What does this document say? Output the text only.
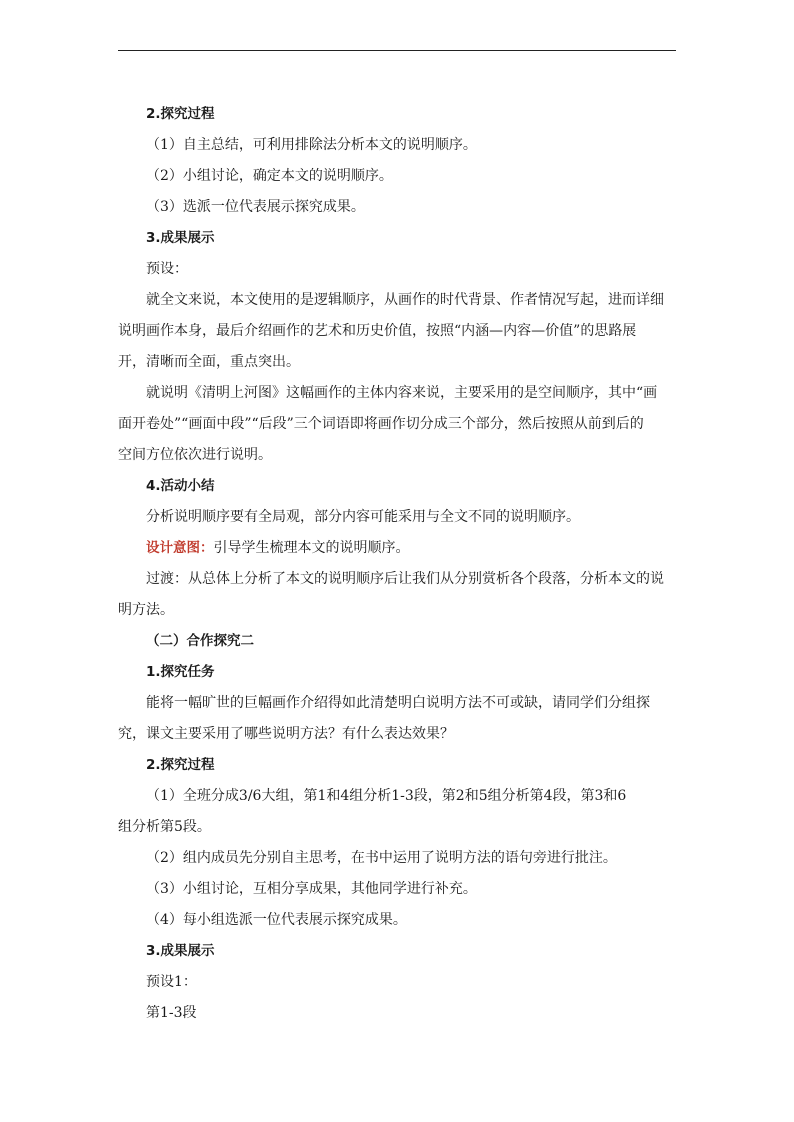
2.探究过程
（1）自主总结，可利用排除法分析本文的说明顺序。
（2）小组讨论，确定本文的说明顺序。
（3）选派一位代表展示探究成果。
3.成果展示
预设：
就全文来说，本文使用的是逻辑顺序，从画作的时代背景、作者情况写起，进而详细
说明画作本身，最后介绍画作的艺术和历史价值，按照“内涵—内容—价值”的思路展
开，清晰而全面，重点突出。
就说明《清明上河图》这幅画作的主体内容来说，主要采用的是空间顺序，其中“画
面开卷处”“画面中段”“后段”三个词语即将画作切分成三个部分，然后按照从前到后的
空间方位依次进行说明。
4.活动小结
分析说明顺序要有全局观，部分内容可能采用与全文不同的说明顺序。
设计意图：引导学生梳理本文的说明顺序。
过渡：从总体上分析了本文的说明顺序后让我们从分别赏析各个段落，分析本文的说
明方法。
（二）合作探究二
1.探究任务
能将一幅旷世的巨幅画作介绍得如此清楚明白说明方法不可或缺，请同学们分组探
究，课文主要采用了哪些说明方法？有什么表达效果？
2.探究过程
（1）全班分成3/6大组，第1和4组分析1-3段，第2和5组分析第4段，第3和6
组分析第5段。
（2）组内成员先分别自主思考，在书中运用了说明方法的语句旁进行批注。
（3）小组讨论，互相分享成果，其他同学进行补充。
（4）每小组选派一位代表展示探究成果。
3.成果展示
预设1：
第1-3段
